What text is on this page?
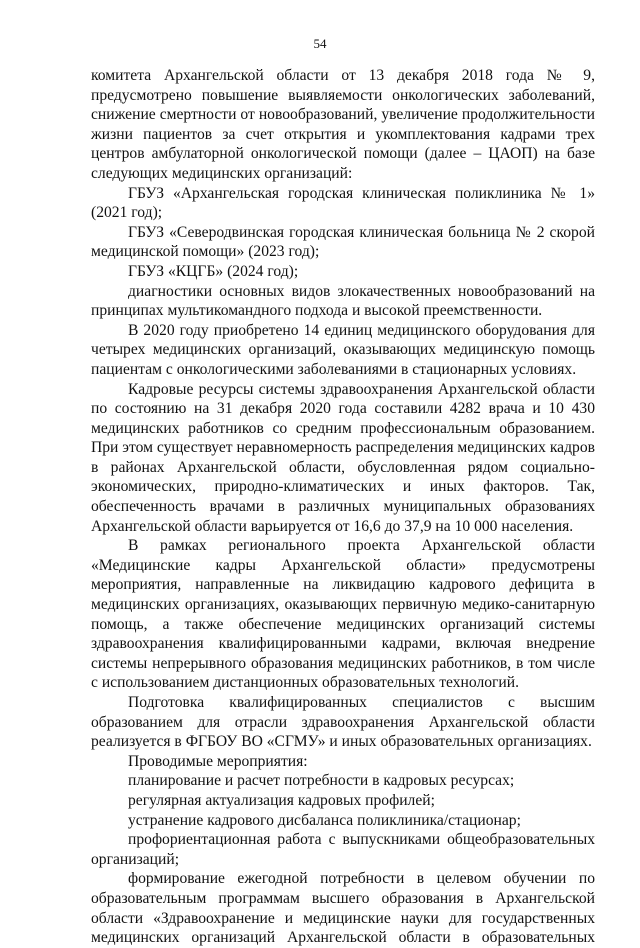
54

комитета Архангельской области от 13 декабря 2018 года № 9, предусмотрено повышение выявляемости онкологических заболеваний, снижение смертности от новообразований, увеличение продолжительности жизни пациентов за счет открытия и укомплектования кадрами трех центров амбулаторной онкологической помощи (далее – ЦАОП) на базе следующих медицинских организаций:

ГБУЗ «Архангельская городская клиническая поликлиника № 1» (2021 год);

ГБУЗ «Северодвинская городская клиническая больница № 2 скорой медицинской помощи» (2023 год);

ГБУЗ «КЦГБ» (2024 год);

диагностики основных видов злокачественных новообразований на принципах мультикомандного подхода и высокой преемственности.

В 2020 году приобретено 14 единиц медицинского оборудования для четырех медицинских организаций, оказывающих медицинскую помощь пациентам с онкологическими заболеваниями в стационарных условиях.

Кадровые ресурсы системы здравоохранения Архангельской области по состоянию на 31 декабря 2020 года составили 4282 врача и 10 430 медицинских работников со средним профессиональным образованием. При этом существует неравномерность распределения медицинских кадров в районах Архангельской области, обусловленная рядом социально-экономических, природно-климатических и иных факторов. Так, обеспеченность врачами в различных муниципальных образованиях Архангельской области варьируется от 16,6 до 37,9 на 10 000 населения.

В рамках регионального проекта Архангельской области «Медицинские кадры Архангельской области» предусмотрены мероприятия, направленные на ликвидацию кадрового дефицита в медицинских организациях, оказывающих первичную медико-санитарную помощь, а также обеспечение медицинских организаций системы здравоохранения квалифицированными кадрами, включая внедрение системы непрерывного образования медицинских работников, в том числе с использованием дистанционных образовательных технологий.

Подготовка квалифицированных специалистов с высшим образованием для отрасли здравоохранения Архангельской области реализуется в ФГБОУ ВО «СГМУ» и иных образовательных организациях.

Проводимые мероприятия:

планирование и расчет потребности в кадровых ресурсах;

регулярная актуализация кадровых профилей;

устранение кадрового дисбаланса поликлиника/стационар;

профориентационная работа с выпускниками общеобразовательных организаций;

формирование ежегодной потребности в целевом обучении по образовательным программам высшего образования в Архангельской области «Здравоохранение и медицинские науки для государственных медицинских организаций Архангельской области в образовательных
